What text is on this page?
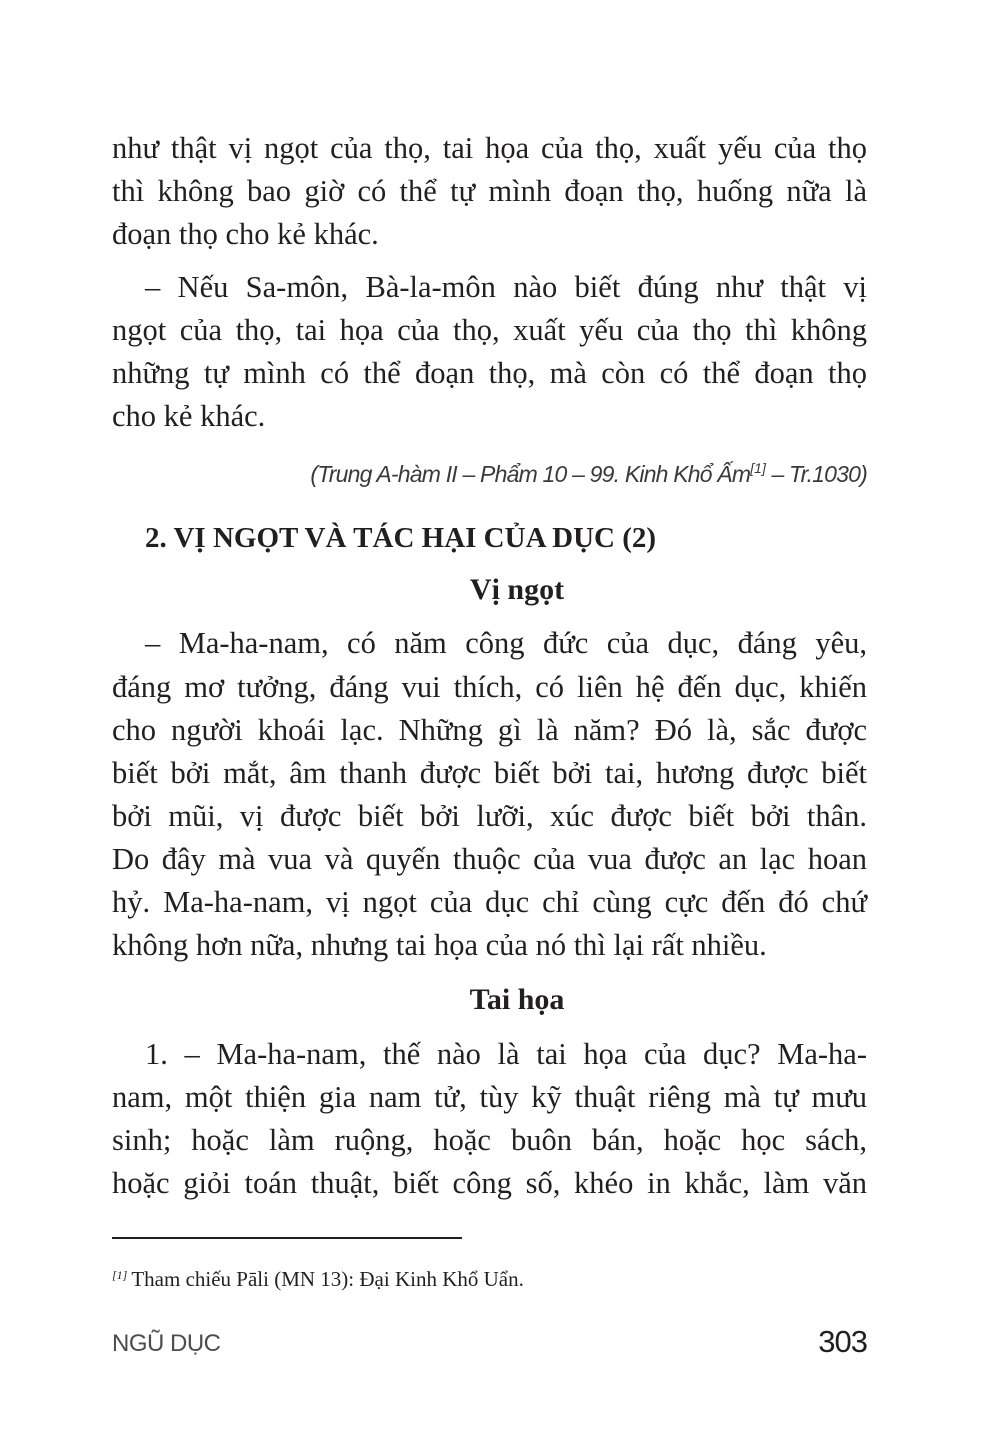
như thật vị ngọt của thọ, tai họa của thọ, xuất yếu của thọ
thì không bao giờ có thể tự mình đoạn thọ, huống nữa là
đoạn thọ cho kẻ khác.
– Nếu Sa-môn, Bà-la-môn nào biết đúng như thật vị
ngọt của thọ, tai họa của thọ, xuất yếu của thọ thì không
những tự mình có thể đoạn thọ, mà còn có thể đoạn thọ
cho kẻ khác.
(Trung A-hàm II – Phẩm 10 – 99. Kinh Khổ Ấm[1] – Tr.1030)
2. VỊ NGỌT VÀ TÁC HẠI CỦA DỤC (2)
Vị ngọt
– Ma-ha-nam, có năm công đức của dục, đáng yêu,
đáng mơ tưởng, đáng vui thích, có liên hệ đến dục, khiến
cho người khoái lạc. Những gì là năm? Đó là, sắc được
biết bởi mắt, âm thanh được biết bởi tai, hương được biết
bởi mũi, vị được biết bởi lưỡi, xúc được biết bởi thân.
Do đây mà vua và quyến thuộc của vua được an lạc hoan
hỷ. Ma-ha-nam, vị ngọt của dục chỉ cùng cực đến đó chứ
không hơn nữa, nhưng tai họa của nó thì lại rất nhiều.
Tai họa
1. – Ma-ha-nam, thế nào là tai họa của dục? Ma-ha-
nam, một thiện gia nam tử, tùy kỹ thuật riêng mà tự mưu
sinh; hoặc làm ruộng, hoặc buôn bán, hoặc học sách,
hoặc giỏi toán thuật, biết công số, khéo in khắc, làm văn
[1] Tham chiếu Pāli (MN 13): Đại Kinh Khổ Uẩn.
NGŨ DỤC	303
